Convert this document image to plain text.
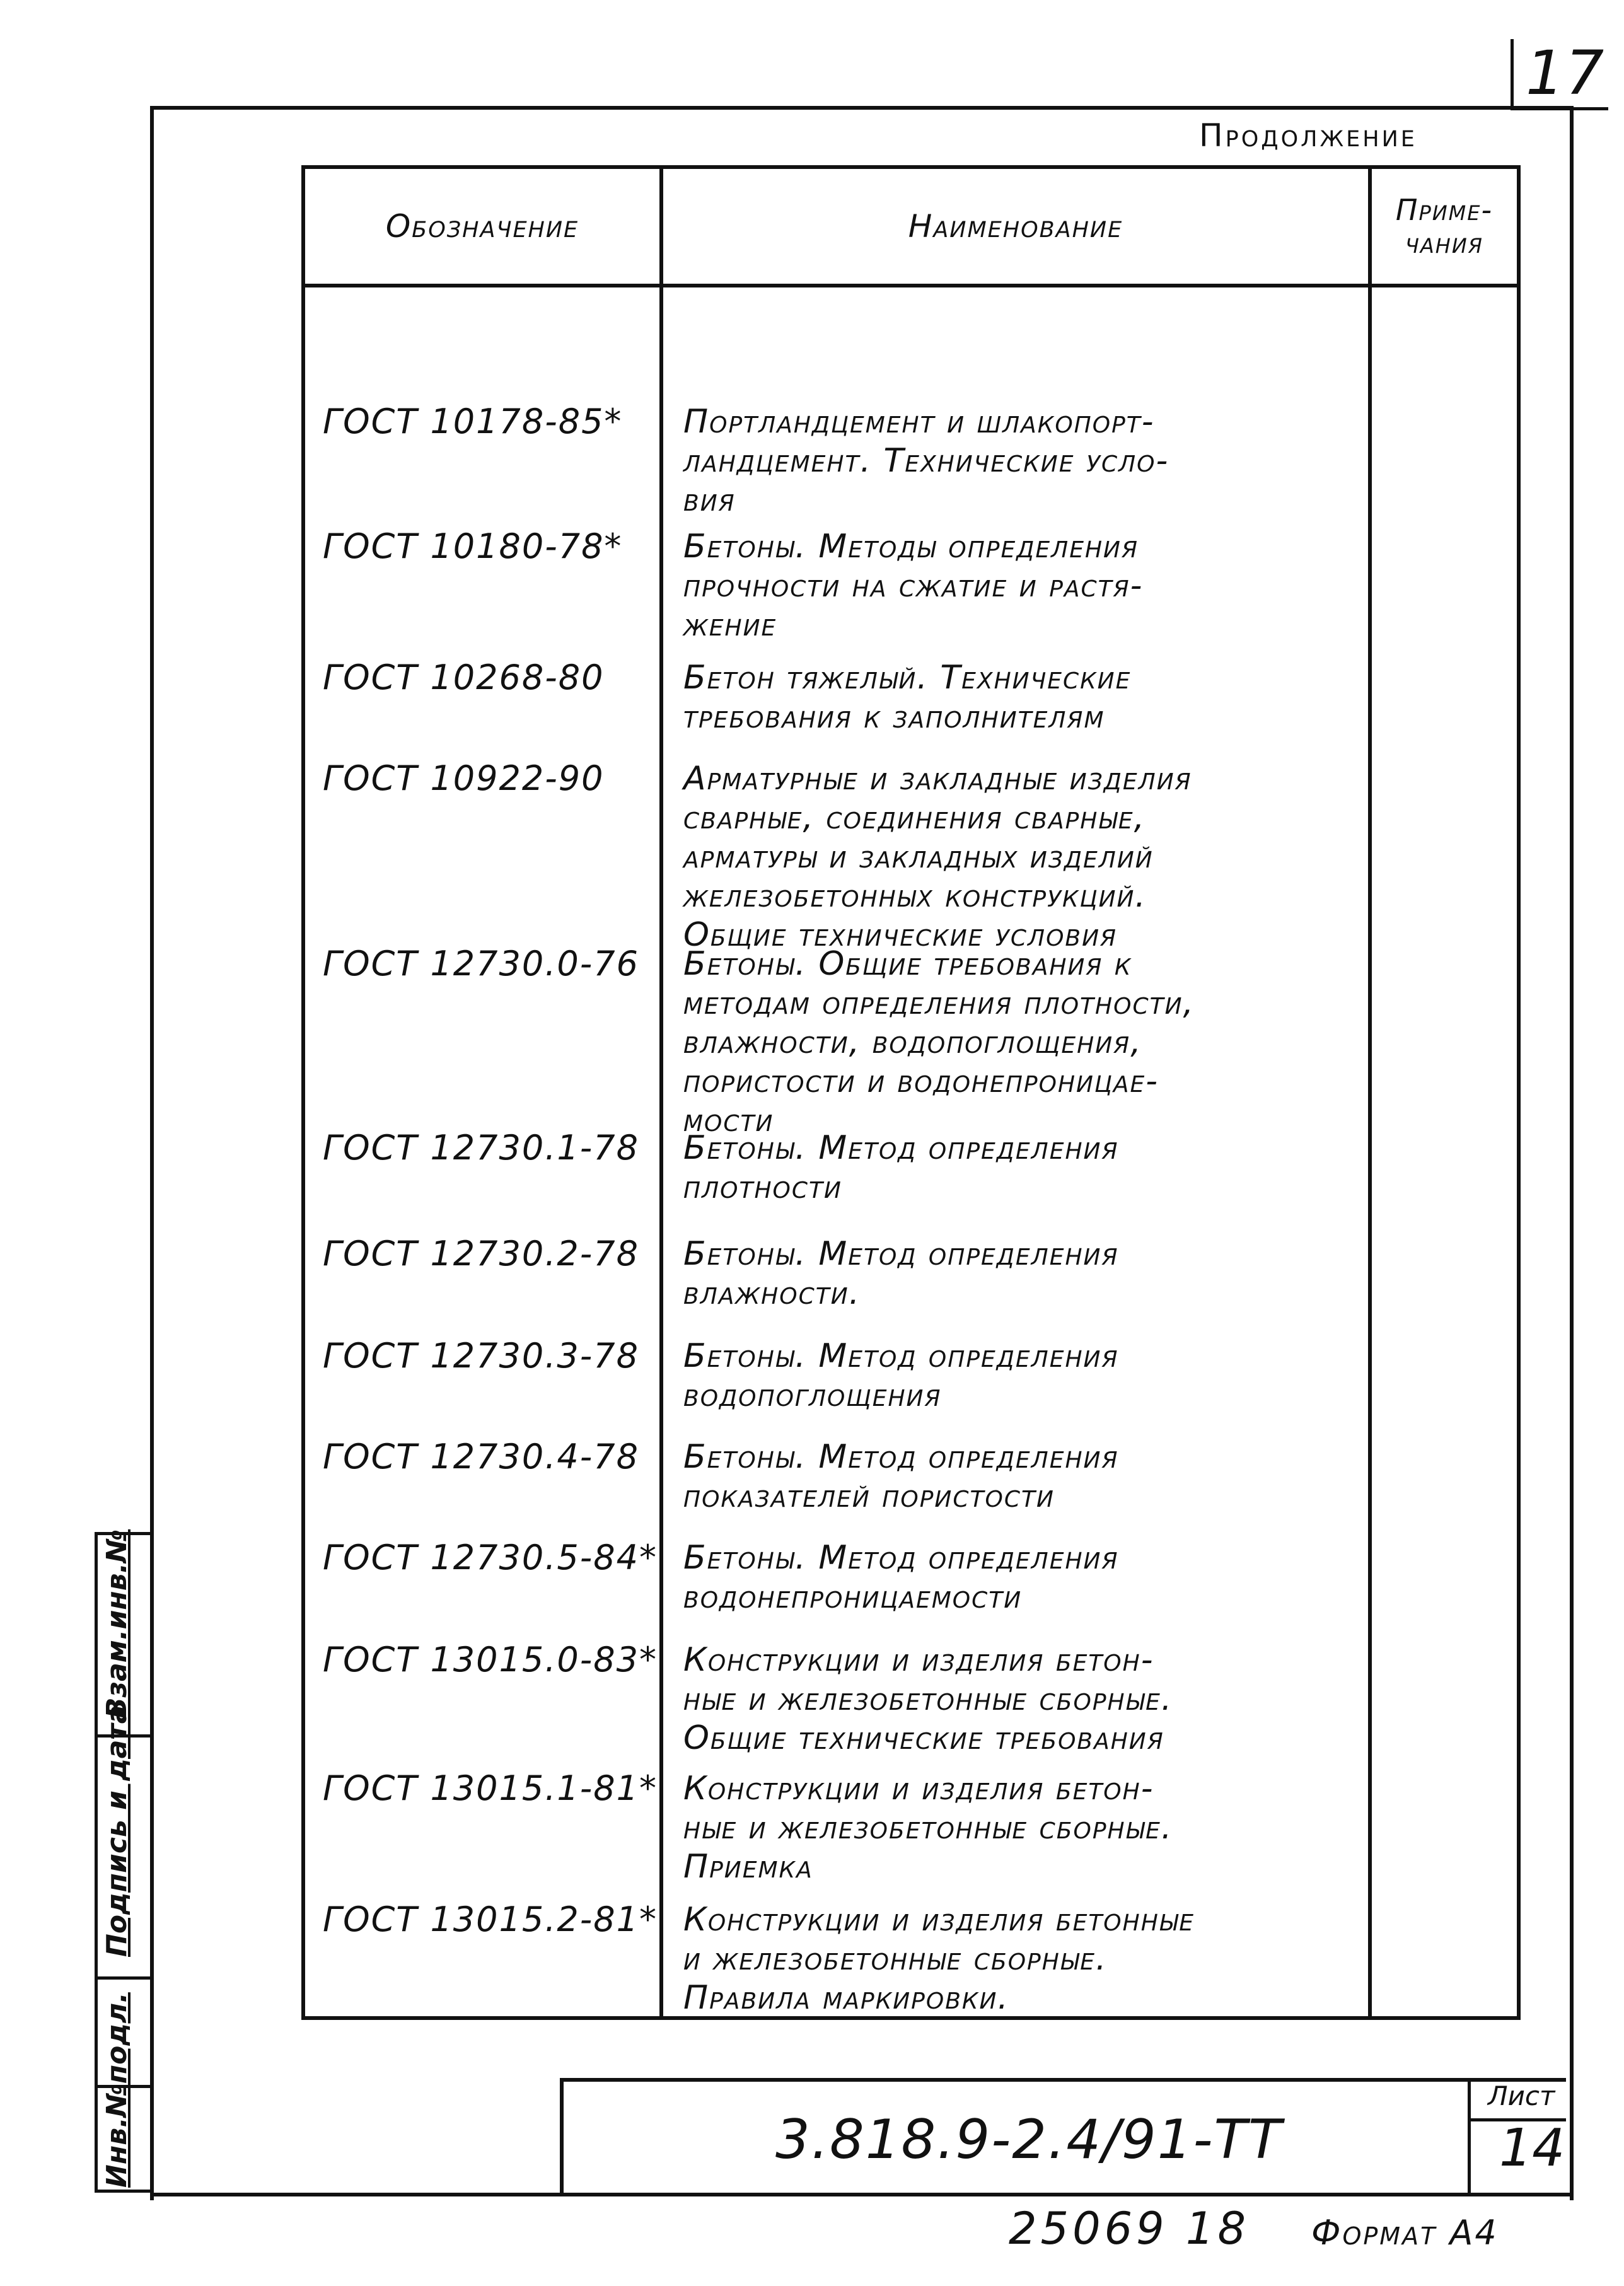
17
Продолжение
Обозначение	Наименование	Приме-
чания
ГОСТ 10178-85*	Портландцемент и шлакопорт-
ландцемент. Технические усло-
вия
ГОСТ 10180-78*	Бетоны. Методы определения
прочности на сжатие и растя-
жение
ГОСТ 10268-80	Бетон тяжелый. Технические
требования к заполнителям
ГОСТ 10922-90	Арматурные и закладные изделия
сварные, соединения сварные,
арматуры и закладных изделий
железобетонных конструкций.
Общие технические условия
ГОСТ 12730.0-76	Бетоны. Общие требования к
методам определения плотности,
влажности, водопоглощения,
пористости и водонепроницае-
мости
ГОСТ 12730.1-78	Бетоны. Метод определения
плотности
ГОСТ 12730.2-78	Бетоны. Метод определения
влажности.
ГОСТ 12730.3-78	Бетоны. Метод определения
водопоглощения
ГОСТ 12730.4-78	Бетоны. Метод определения
показателей пористости
ГОСТ 12730.5-84* Бетоны. Метод определения
водонепроницаемости
ГОСТ 13015.0-83* Конструкции и изделия бетон-
ные и железобетонные сборные.
Общие технические требования
ГОСТ 13015.1-81* Конструкции и изделия бетон-
ные и железобетонные сборные.
Приемка
ГОСТ 13015.2-81* Конструкции и изделия бетонные
и железобетонные сборные.
Правила маркировки.
Взам.инв.№
Подпись и дата
Инв.№подл.	3.818.9-2.4/91-ТТ
Лист
14
25069 18 Формат А4
